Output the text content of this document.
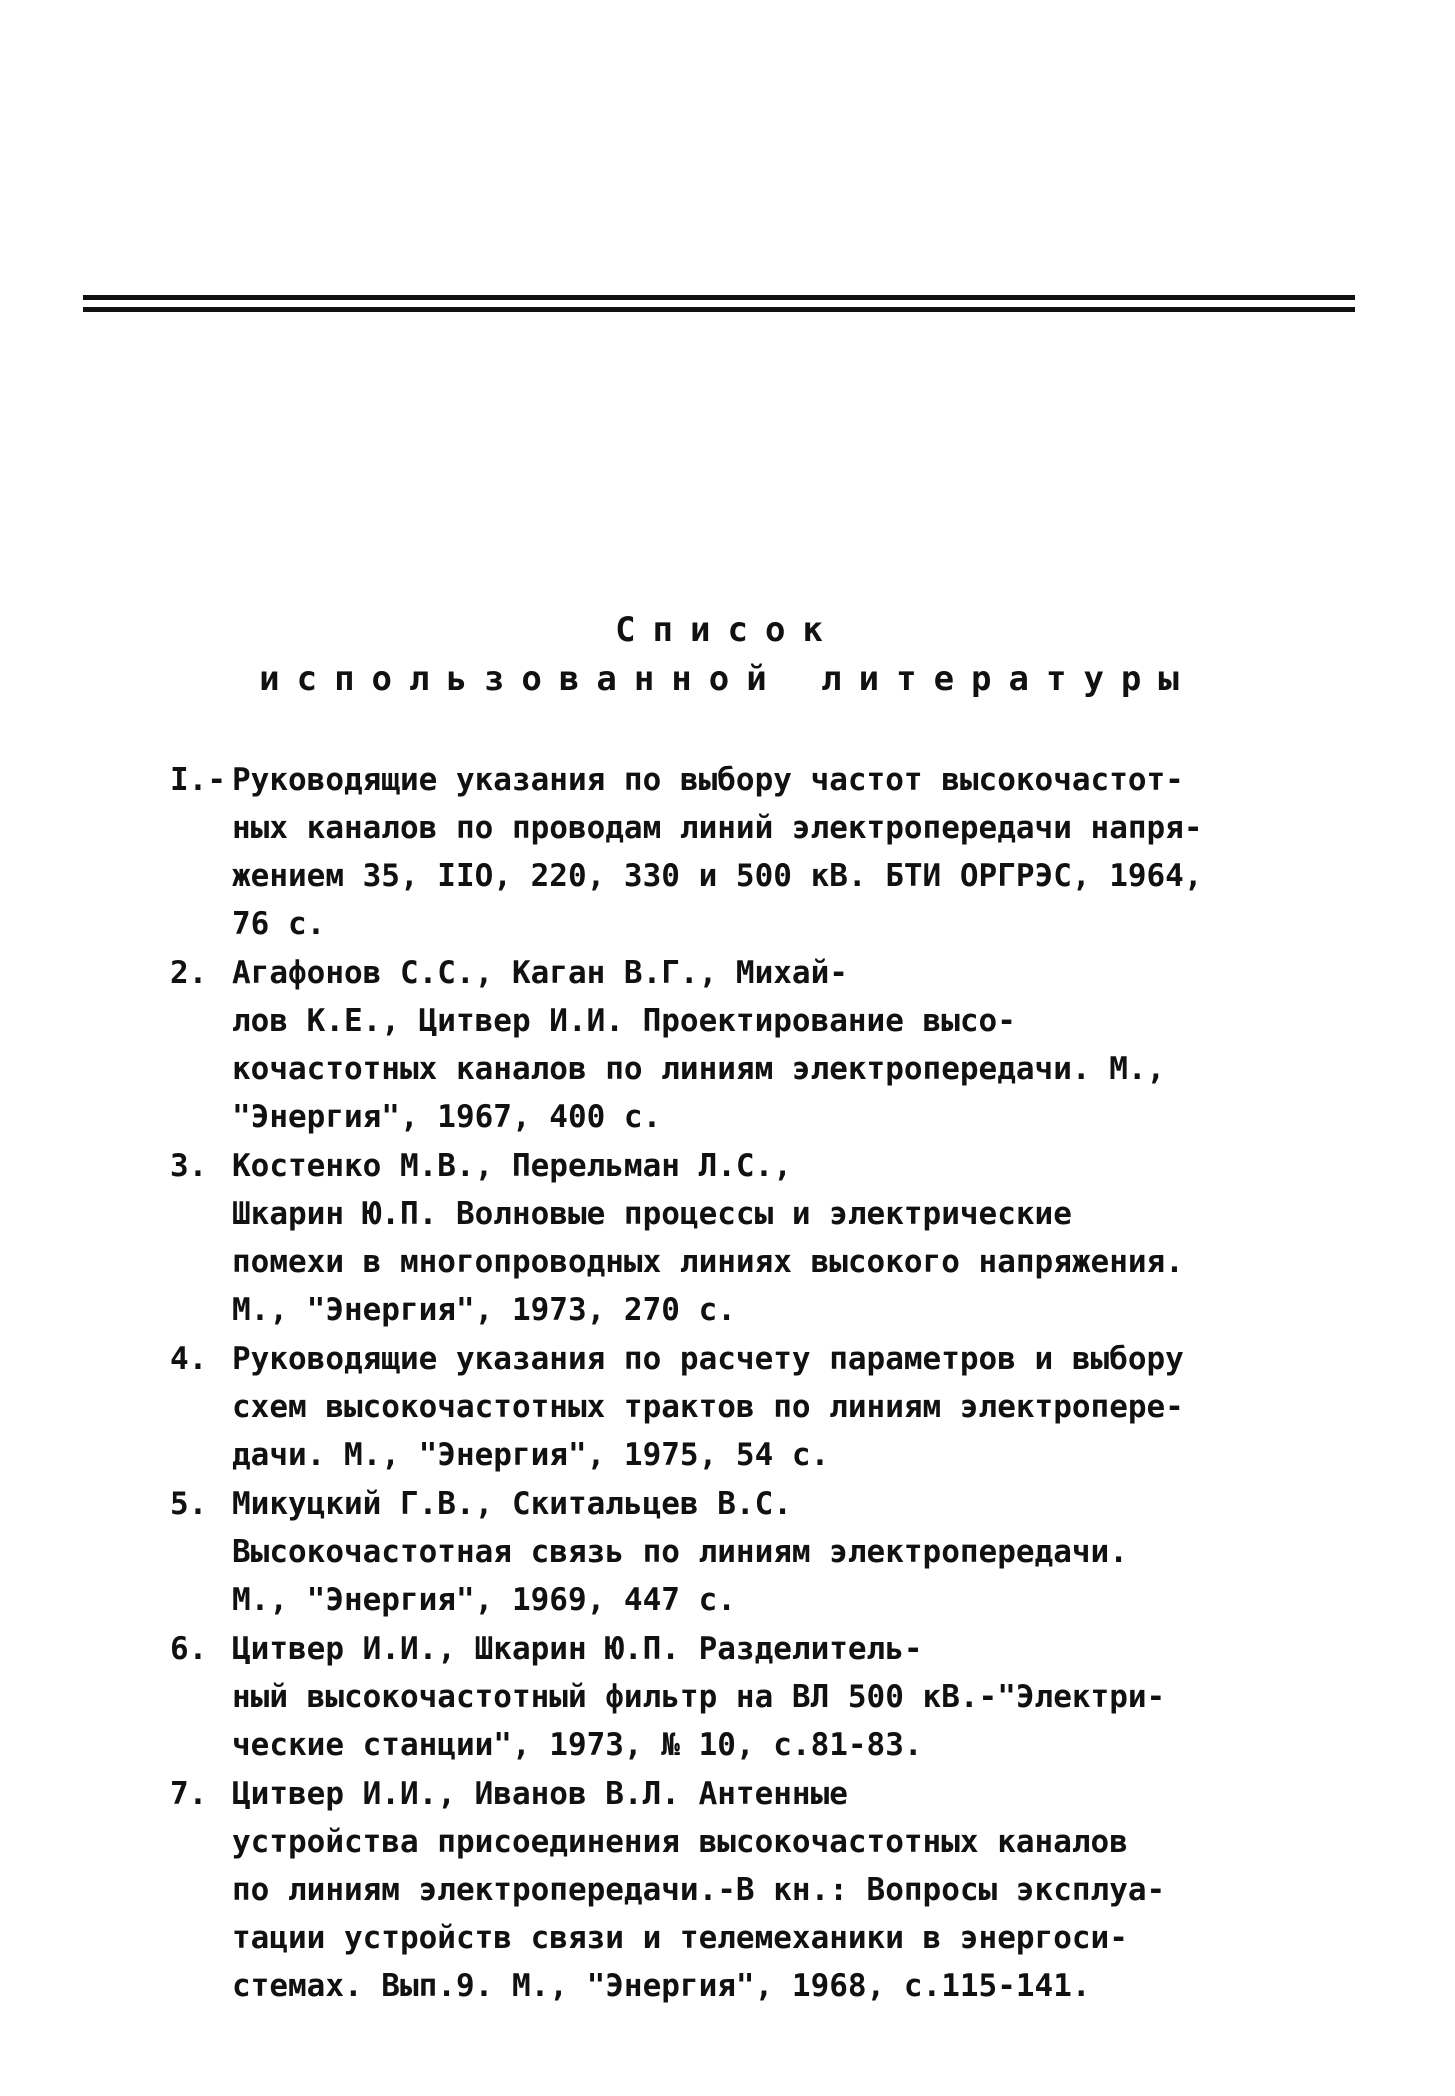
Список
использованной литературы
I.- Руководящие указания по выбору частот высокочастот-
ных каналов по проводам линий электропередачи напря-
жением 35, IIO, 220, 330 и 500 кВ. БТИ ОРГРЭС, 1964,
76 с.
2. Агафонов С.С., Каган В.Г., Михай-
лов К.Е., Цитвер И.И. Проектирование высо-
кочастотных каналов по линиям электропередачи. М.,
"Энергия", 1967, 400 с.
3. Костенко М.В., Перельман Л.С.,
Шкарин Ю.П. Волновые процессы и электрические
помехи в многопроводных линиях высокого напряжения.
М., "Энергия", 1973, 270 с.
4. Руководящие указания по расчету параметров и выбору
схем высокочастотных трактов по линиям электропере-
дачи. М., "Энергия", 1975, 54 с.
5. Микуцкий Г.В., Скитальцев В.С.
Высокочастотная связь по линиям электропередачи.
М., "Энергия", 1969, 447 с.
6. Цитвер И.И., Шкарин Ю.П. Разделитель-
ный высокочастотный фильтр на ВЛ 500 кВ.-"Электри-
ческие станции", 1973, № 10, с.81-83.
7. Цитвер И.И., Иванов В.Л. Антенные
устройства присоединения высокочастотных каналов
по линиям электропередачи.-В кн.: Вопросы эксплуа-
тации устройств связи и телемеханики в энергоси-
стемах. Вып.9. М., "Энергия", 1968, с.115-141.
